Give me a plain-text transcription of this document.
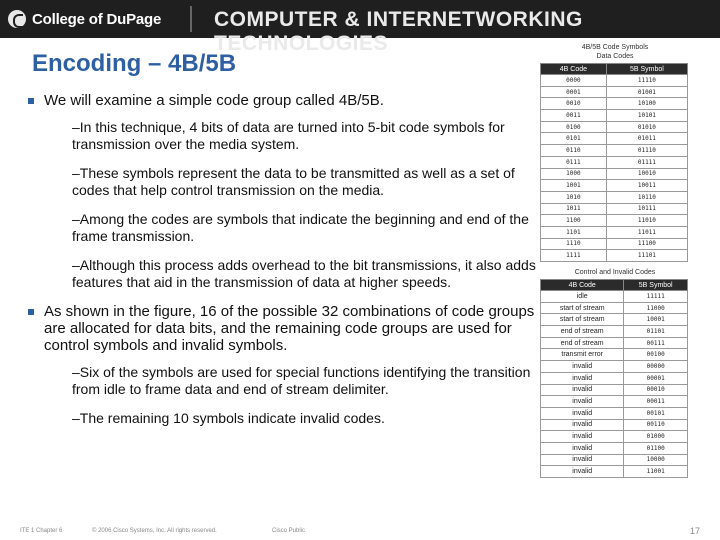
College of DuPage	COMPUTER & INTERNETWORKING TECHNOLOGIES
Encoding – 4B/5B
We will examine a simple code group called 4B/5B.
–In this technique, 4 bits of data are turned into 5-bit code symbols for transmission over the media system.
–These symbols represent the data to be transmitted as well as a set of codes that help control transmission on the media.
–Among the codes are symbols that indicate the beginning and end of the frame transmission.
–Although this process adds overhead to the bit transmissions, it also adds features that aid in the transmission of data at higher speeds.
As shown in the figure, 16 of the possible 32 combinations of code groups are allocated for data bits, and the remaining code groups are used for control symbols and invalid symbols.
–Six of the symbols are used for special functions identifying the transition from idle to frame data and end of stream delimiter.
–The remaining 10 symbols indicate invalid codes.

4B/5B Code Symbols

Data Codes

4B Code	5B Symbol
0000	11110
0001	01001
0010	10100
0011	10101
0100	01010
0101	01011
0110	01110
0111	01111
1000	10010
1001	10011
1010	10110
1011	10111
1100	11010
1101	11011
1110	11100
1111	11101

Control and Invalid Codes

4B Code	5B Symbol
idle	11111
start of stream	11000
start of stream	10001
end of stream	01101
end of stream	00111
transmit error	00100
invalid	00000
invalid	00001
invalid	00010
invalid	00011
invalid	00101
invalid	00110
invalid	01000
invalid	01100
invalid	10000
invalid	11001
ITE 1 Chapter 6	© 2006 Cisco Systems, Inc. All rights reserved.	Cisco Public	17
